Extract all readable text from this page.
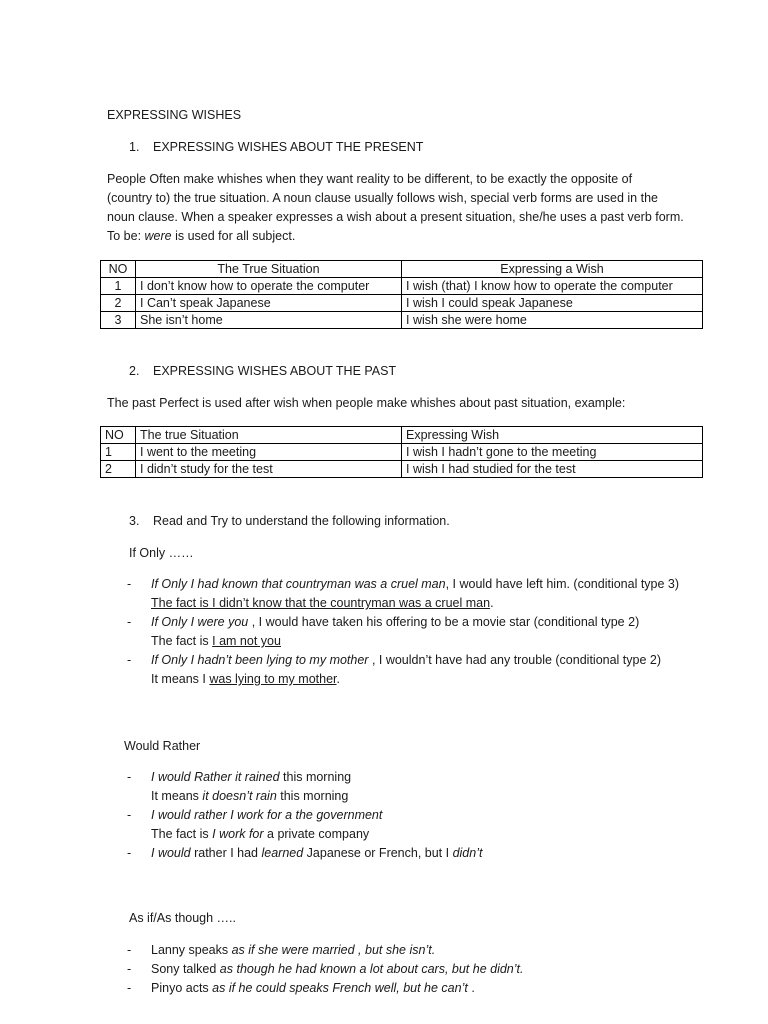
EXPRESSING WISHES
1. EXPRESSING WISHES ABOUT THE PRESENT
People Often make whishes when they want reality to be different, to be exactly the opposite of
(country to) the true situation. A noun clause usually follows wish, special verb forms are used in the
noun clause. When a speaker expresses a wish about a present situation, she/he uses a past verb form.
To be: were is used for all subject.
NO	The True Situation	Expressing a Wish
1	I don’t know how to operate the computer	I wish (that) I know how to operate the computer
2	I Can’t speak Japanese	I wish I could speak Japanese
3	She isn’t home	I wish she were home
2. EXPRESSING WISHES ABOUT THE PAST
The past Perfect is used after wish when people make whishes about past situation, example:
NO	The true Situation	Expressing Wish
1	I went to the meeting	I wish I hadn’t gone to the meeting
2	I didn’t study for the test	I wish I had studied for the test
3. Read and Try to understand the following information.
If Only ……
-	If Only I had known that countryman was a cruel man, I would have left him. (conditional type 3)
The fact is I didn’t know that the countryman was a cruel man.
-	If Only I were you , I would have taken his offering to be a movie star (conditional type 2)
The fact is I am not you
-	If Only I hadn’t been lying to my mother , I wouldn’t have had any trouble (conditional type 2)
It means I was lying to my mother.
Would Rather
-	I would Rather it rained this morning
It means it doesn’t rain this morning
-	I would rather I work for a the government
The fact is I work for a private company
-	I would rather I had learned Japanese or French, but I didn’t
As if/As though …..
-	Lanny speaks as if she were married , but she isn’t.
-	Sony talked as though he had known a lot about cars, but he didn’t.
-	Pinyo acts as if he could speaks French well, but he can’t .
